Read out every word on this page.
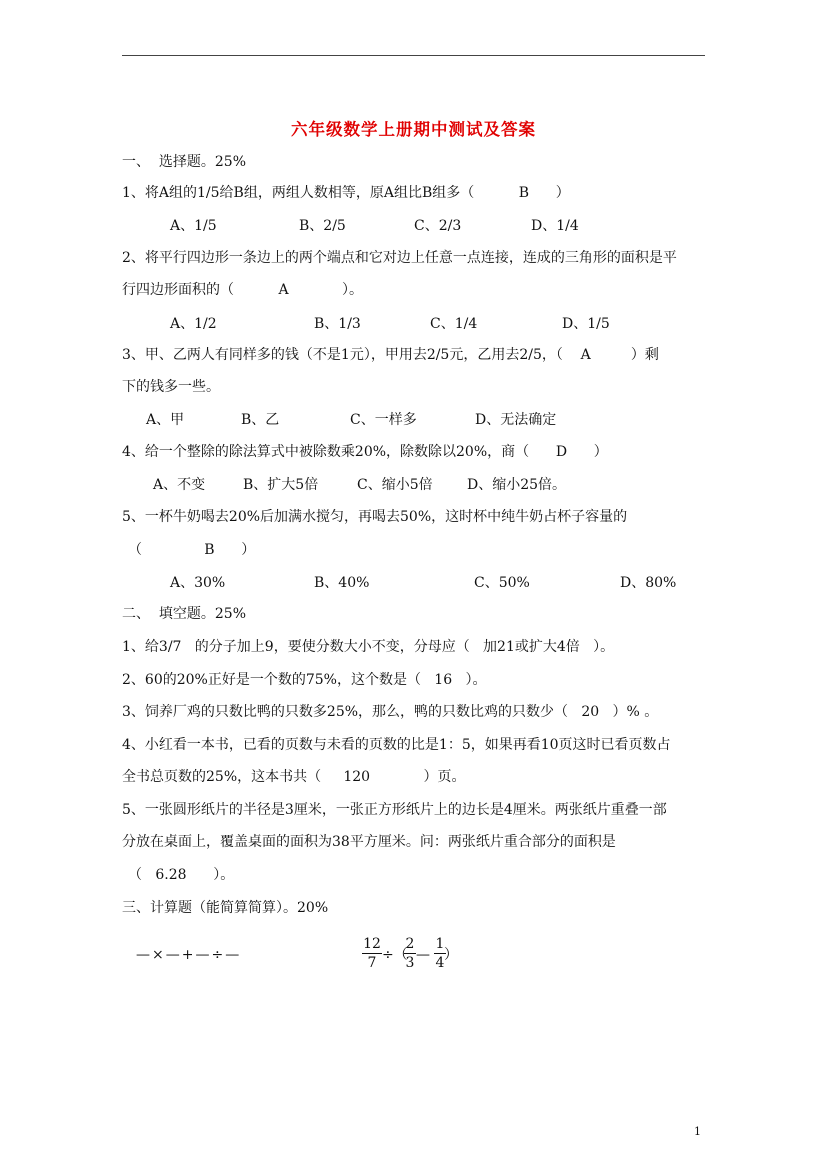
六年级数学上册期中测试及答案
一、  选择题。25%
1、将A组的1/5给B组，两组人数相等，原A组比B组多（          B      ）
A、1/5	B、2/5	C、2/3	D、1/4
2、将平行四边形一条边上的两个端点和它对边上任意一点连接，连成的三角形的面积是平
行四边形面积的（          A            ）。
A、1/2	B、1/3	C、1/4	D、1/5
3、甲、乙两人有同样多的钱（不是1元），甲用去2/5元，乙用去2/5，（    A         ）剩
下的钱多一些。
A、甲	B、乙	C、一样多	D、无法确定
4、给一个整除的除法算式中被除数乘20%，除数除以20%，商（      D      ）
A、不变	B、扩大5倍	C、缩小5倍 D、缩小25倍。
5、一杯牛奶喝去20%后加满水搅匀，再喝去50%，这时杯中纯牛奶占杯子容量的
（              B      ）
A、30%	B、40%	C、50%	D、80%
二、  填空题。25%
1、给3/7   的分子加上9，要使分数大小不变，分母应（   加21或扩大4倍   ）。
2、60的20%正好是一个数的75%，这个数是（   16   ）。
3、饲养厂鸡的只数比鸭的只数多25%，那么，鸭的只数比鸡的只数少（   20   ）% 。
4、小红看一本书，已看的页数与未看的页数的比是1：5，如果再看10页这时已看页数占
全书总页数的25%，这本书共（     120            ）页。
5、一张圆形纸片的半径是3厘米，一张正方形纸片上的边长是4厘米。两张纸片重叠一部
分放在桌面上，覆盖桌面的面积为38平方厘米。问：两张纸片重合部分的面积是
（   6.28      ）。
三、计算题（能简算简算）。20%
—×—+—÷—
12
7 ÷（
2
3 —
1
4 ）
1
